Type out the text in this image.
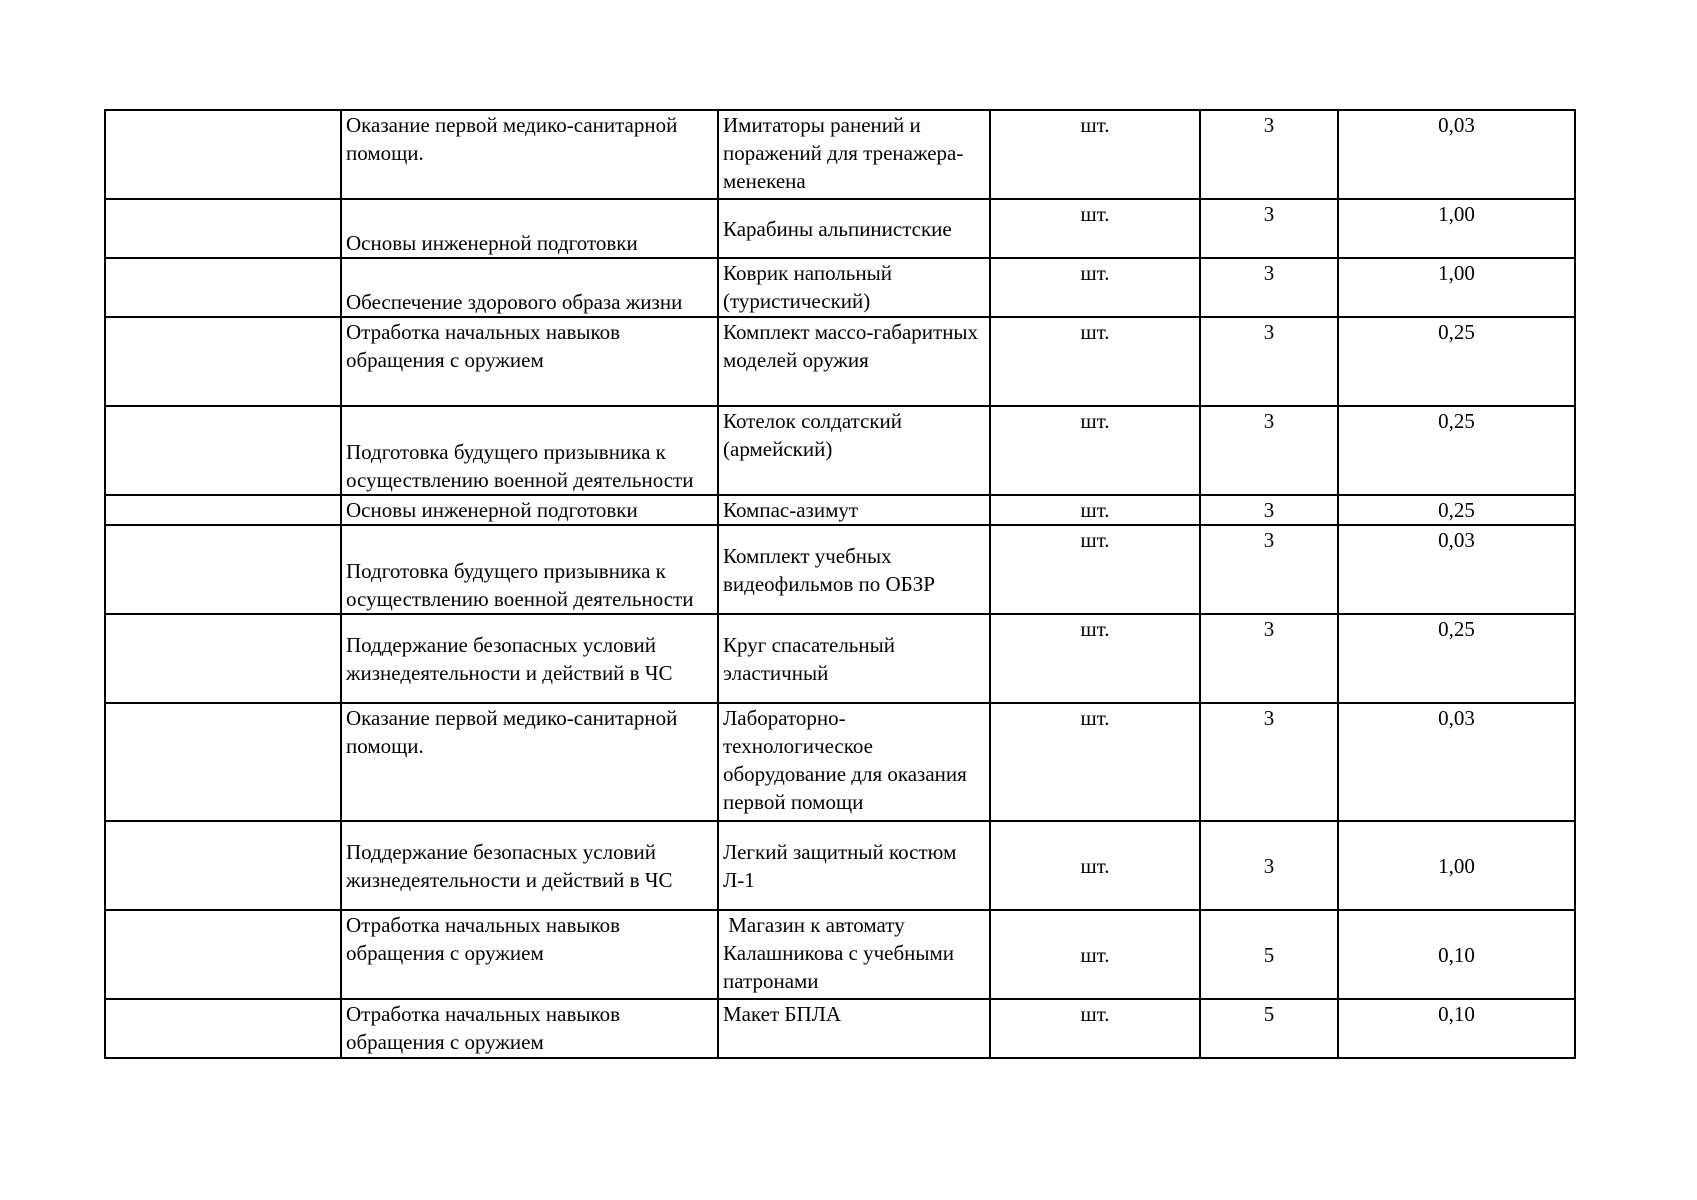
	Оказание первой медико-санитарной помощи.	Имитаторы ранений и поражений для тренажера-менекена	шт.	3	0,03
	Основы инженерной подготовки	Карабины альпинистские	шт.	3	1,00
	Обеспечение здорового образа жизни	Коврик напольный (туристический)	шт.	3	1,00
	Отработка начальных навыков обращения с оружием	Комплект массо-габаритных моделей оружия	шт.	3	0,25
	Подготовка будущего призывника к осуществлению военной деятельности	Котелок солдатский (армейский)	шт.	3	0,25
	Основы инженерной подготовки	Компас-азимут	шт.	3	0,25
	Подготовка будущего призывника к осуществлению военной деятельности	Комплект учебных видеофильмов по ОБЗР	шт.	3	0,03
	Поддержание безопасных условий жизнедеятельности и действий в ЧС	Круг спасательный эластичный	шт.	3	0,25
	Оказание первой медико-санитарной помощи.	Лабораторно-технологическое оборудование для оказания первой помощи	шт.	3	0,03
	Поддержание безопасных условий жизнедеятельности и действий в ЧС	Легкий защитный костюм Л-1	шт.	3	1,00
	Отработка начальных навыков обращения с оружием	Магазин к автомату Калашникова с учебными патронами	шт.	5	0,10
	Отработка начальных навыков обращения с оружием	Макет БПЛА	шт.	5	0,10
